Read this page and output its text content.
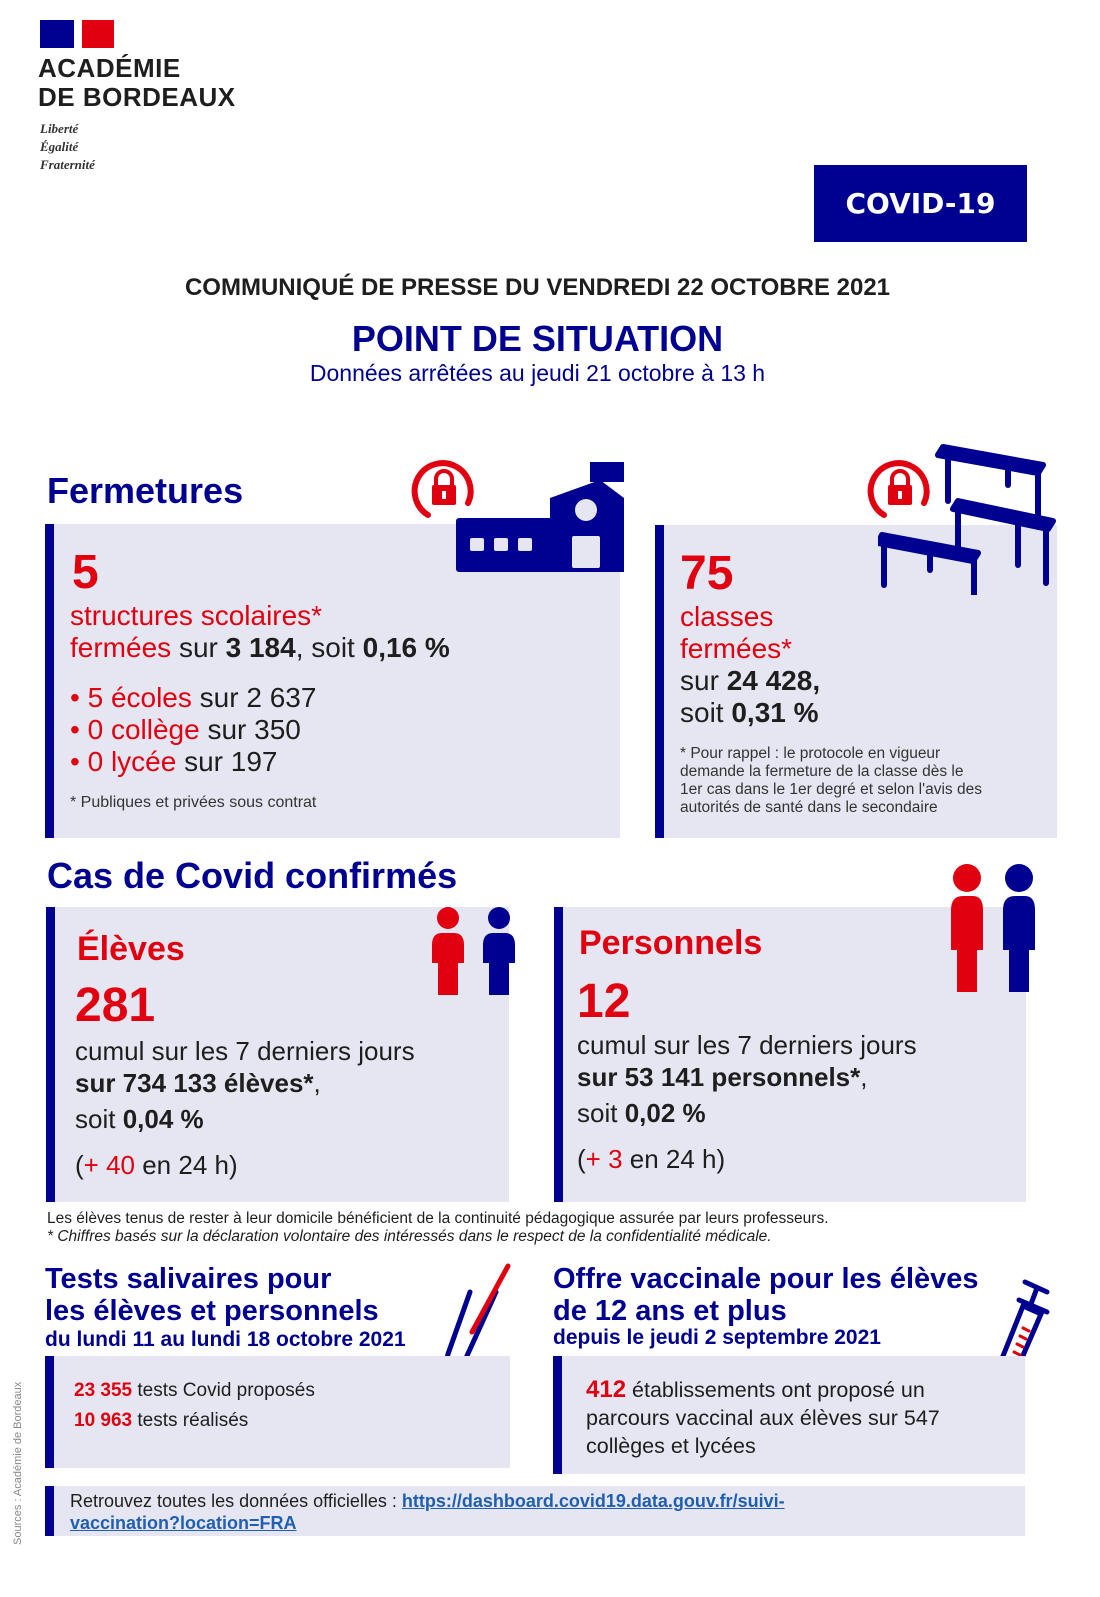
ACADÉMIE
DE BORDEAUX
Liberté
Égalité
Fraternité
COVID-19
COMMUNIQUÉ DE PRESSE DU VENDREDI 22 OCTOBRE 2021
POINT DE SITUATION
Données arrêtées au jeudi 21 octobre à 13 h
Fermetures
5
structures scolaires*
fermées sur 3 184, soit 0,16 %
• 5 écoles sur 2 637
• 0 collège sur 350
• 0 lycée sur 197
* Publiques et privées sous contrat
75
classes
fermées*
sur 24 428,
soit 0,31 %
* Pour rappel : le protocole en vigueur
demande la fermeture de la classe dès le
1er cas dans le 1er degré et selon l'avis des
autorités de santé dans le secondaire
Cas de Covid confirmés
Élèves
281
cumul sur les 7 derniers jours
sur 734 133 élèves*,
soit 0,04 %
(+ 40 en 24 h)
Personnels
12
cumul sur les 7 derniers jours
sur 53 141 personnels*,
soit 0,02 %
(+ 3 en 24 h)
Les élèves tenus de rester à leur domicile bénéficient de la continuité pédagogique assurée par leurs professeurs.
* Chiffres basés sur la déclaration volontaire des intéressés dans le respect de la confidentialité médicale.
Tests salivaires pour
les élèves et personnels
du lundi 11 au lundi 18 octobre 2021
23 355 tests Covid proposés
10 963 tests réalisés
Offre vaccinale pour les élèves
de 12 ans et plus
depuis le jeudi 2 septembre 2021
412 établissements ont proposé un
parcours vaccinal aux élèves sur 547
collèges et lycées
Retrouvez toutes les données officielles : https://dashboard.covid19.data.gouv.fr/suivi-
vaccination?location=FRA
Sources : Académie de Bordeaux
